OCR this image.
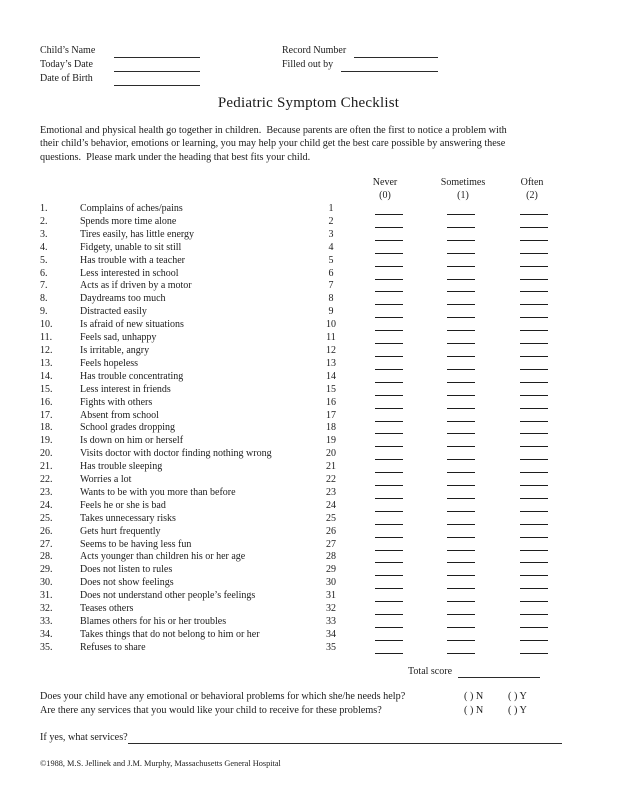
Child’s Name
Today’s Date
Date of Birth
Record Number
Filled out by
Pediatric Symptom Checklist
Emotional and physical health go together in children.  Because parents are often the first to notice a problem with
their child’s behavior, emotions or learning, you may help your child get the best care possible by answering these
questions.  Please mark under the heading that best fits your child.
Never
(0)
Sometimes
(1)
Often
(2)
1.	Complains of aches/pains	1
2.	Spends more time alone	2
3.	Tires easily, has little energy	3
4.	Fidgety, unable to sit still	4
5.	Has trouble with a teacher	5
6.	Less interested in school	6
7.	Acts as if driven by a motor	7
8.	Daydreams too much	8
9.	Distracted easily	9
10.	Is afraid of new situations	10
11.	Feels sad, unhappy	11
12.	Is irritable, angry	12
13.	Feels hopeless	13
14.	Has trouble concentrating	14
15.	Less interest in friends	15
16.	Fights with others	16
17.	Absent from school	17
18.	School grades dropping	18
19.	Is down on him or herself	19
20.	Visits doctor with doctor finding nothing wrong	20
21.	Has trouble sleeping	21
22.	Worries a lot	22
23.	Wants to be with you more than before	23
24.	Feels he or she is bad	24
25.	Takes unnecessary risks	25
26.	Gets hurt frequently	26
27.	Seems to be having less fun	27
28.	Acts younger than children his or her age	28
29.	Does not listen to rules	29
30.	Does not show feelings	30
31.	Does not understand other people’s feelings	31
32.	Teases others	32
33.	Blames others for his or her troubles	33
34.	Takes things that do not belong to him or her	34
35.	Refuses to share	35
Total score
Does your child have any emotional or behavioral problems for which she/he needs help?	( ) N ( ) Y
Are there any services that you would like your child to receive for these problems?	( ) N ( ) Y
If yes, what services?
©1988, M.S. Jellinek and J.M. Murphy, Massachusetts General Hospital
